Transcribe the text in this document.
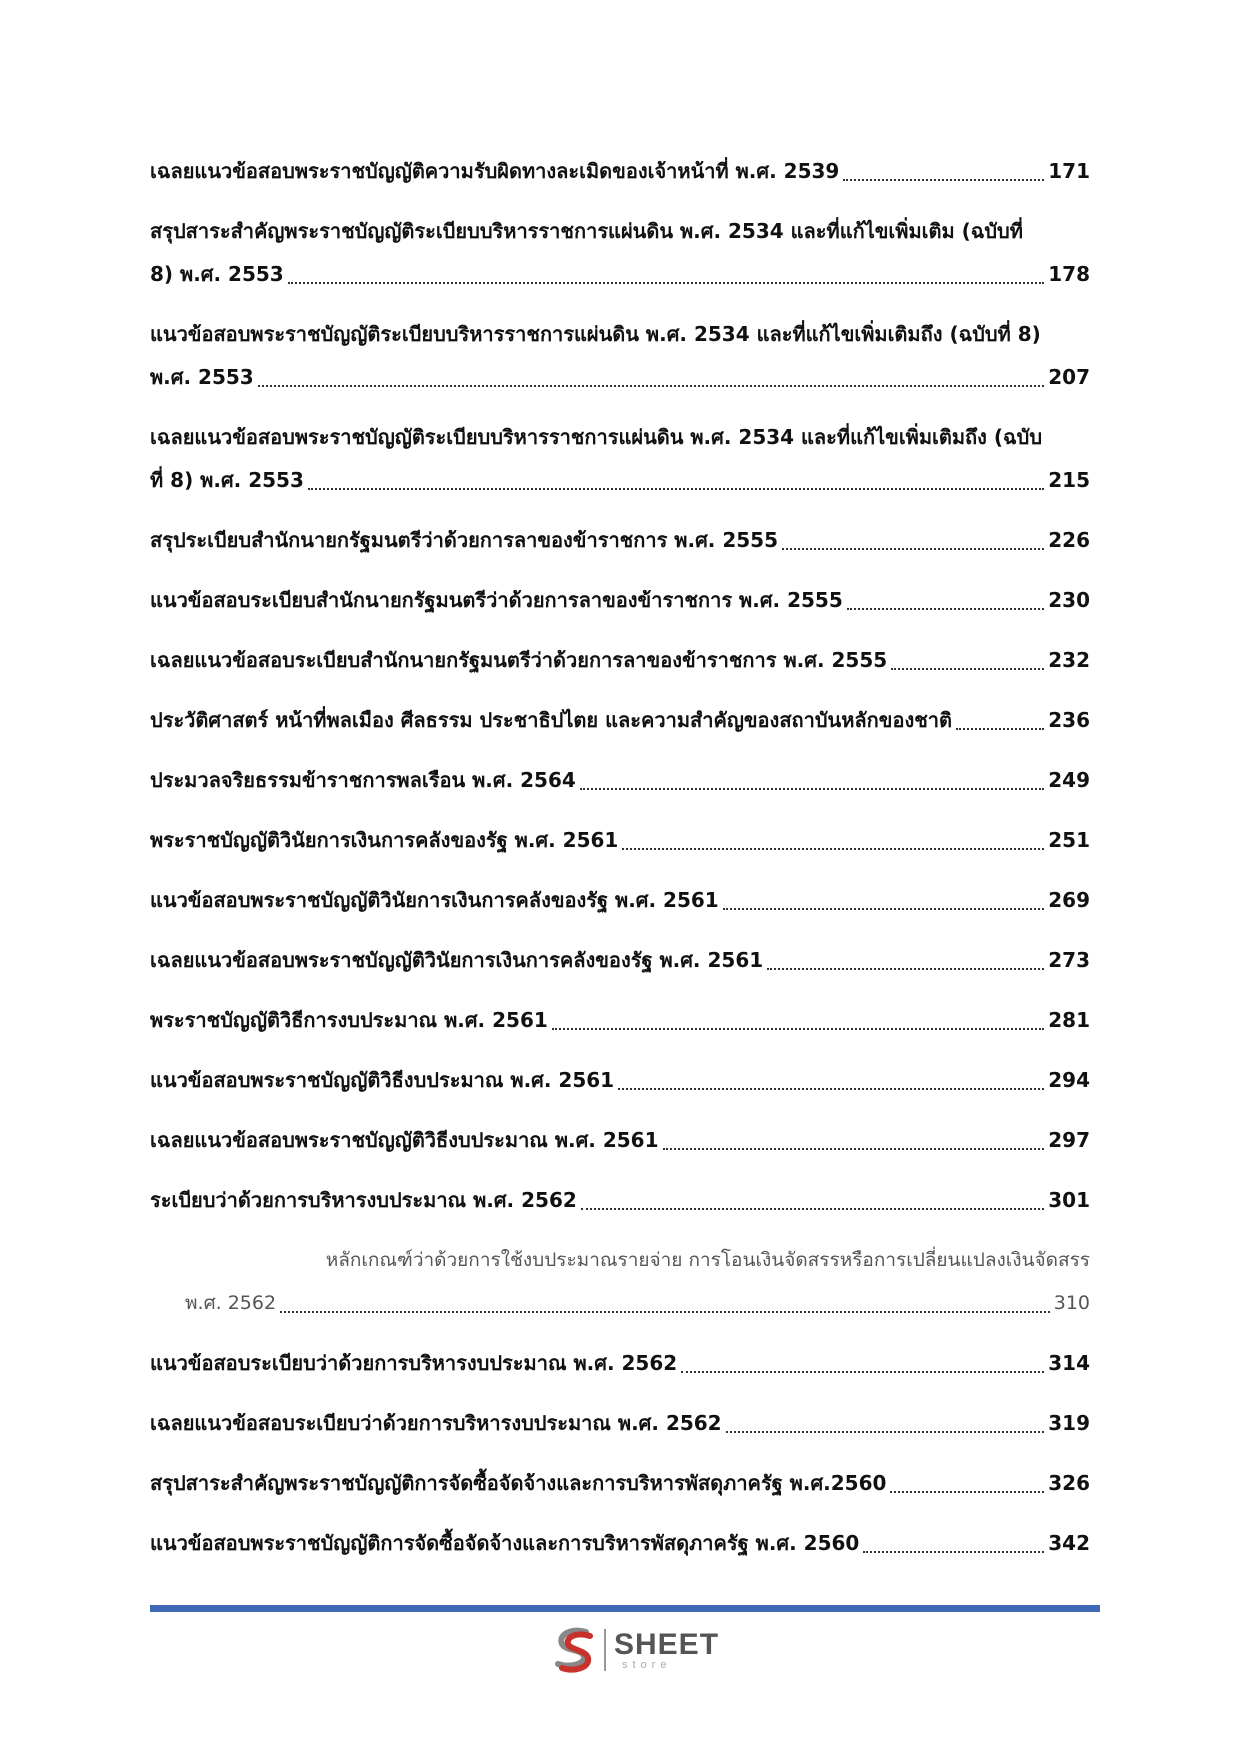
เฉลยแนวข้อสอบพระราชบัญญัติความรับผิดทางละเมิดของเจ้าหน้าที่ พ.ศ. 2539	171
สรุปสาระสำคัญพระราชบัญญัติระเบียบบริหารราชการแผ่นดิน พ.ศ. 2534 และที่แก้ไขเพิ่มเติม (ฉบับที่
8) พ.ศ. 2553	178
แนวข้อสอบพระราชบัญญัติระเบียบบริหารราชการแผ่นดิน พ.ศ. 2534 และที่แก้ไขเพิ่มเติมถึง (ฉบับที่ 8)
พ.ศ. 2553	207
เฉลยแนวข้อสอบพระราชบัญญัติระเบียบบริหารราชการแผ่นดิน พ.ศ. 2534 และที่แก้ไขเพิ่มเติมถึง (ฉบับ
ที่ 8) พ.ศ. 2553	215
สรุประเบียบสำนักนายกรัฐมนตรีว่าด้วยการลาของข้าราชการ พ.ศ. 2555	226
แนวข้อสอบระเบียบสำนักนายกรัฐมนตรีว่าด้วยการลาของข้าราชการ พ.ศ. 2555	230
เฉลยแนวข้อสอบระเบียบสำนักนายกรัฐมนตรีว่าด้วยการลาของข้าราชการ พ.ศ. 2555	232
ประวัติศาสตร์ หน้าที่พลเมือง ศีลธรรม ประชาธิปไตย และความสำคัญของสถาบันหลักของชาติ	236
ประมวลจริยธรรมข้าราชการพลเรือน พ.ศ. 2564	249
พระราชบัญญัติวินัยการเงินการคลังของรัฐ พ.ศ. 2561	251
แนวข้อสอบพระราชบัญญัติวินัยการเงินการคลังของรัฐ พ.ศ. 2561	269
เฉลยแนวข้อสอบพระราชบัญญัติวินัยการเงินการคลังของรัฐ พ.ศ. 2561	273
พระราชบัญญัติวิธีการงบประมาณ พ.ศ. 2561	281
แนวข้อสอบพระราชบัญญัติวิธีงบประมาณ พ.ศ. 2561	294
เฉลยแนวข้อสอบพระราชบัญญัติวิธีงบประมาณ พ.ศ. 2561	297
ระเบียบว่าด้วยการบริหารงบประมาณ พ.ศ. 2562	301
หลักเกณฑ์ว่าด้วยการใช้งบประมาณรายจ่าย การโอนเงินจัดสรรหรือการเปลี่ยนแปลงเงินจัดสรร
พ.ศ. 2562	310
แนวข้อสอบระเบียบว่าด้วยการบริหารงบประมาณ พ.ศ. 2562	314
เฉลยแนวข้อสอบระเบียบว่าด้วยการบริหารงบประมาณ พ.ศ. 2562	319
สรุปสาระสำคัญพระราชบัญญัติการจัดซื้อจัดจ้างและการบริหารพัสดุภาครัฐ พ.ศ.2560	326
แนวข้อสอบพระราชบัญญัติการจัดซื้อจัดจ้างและการบริหารพัสดุภาครัฐ พ.ศ. 2560	342
SHEET
store
